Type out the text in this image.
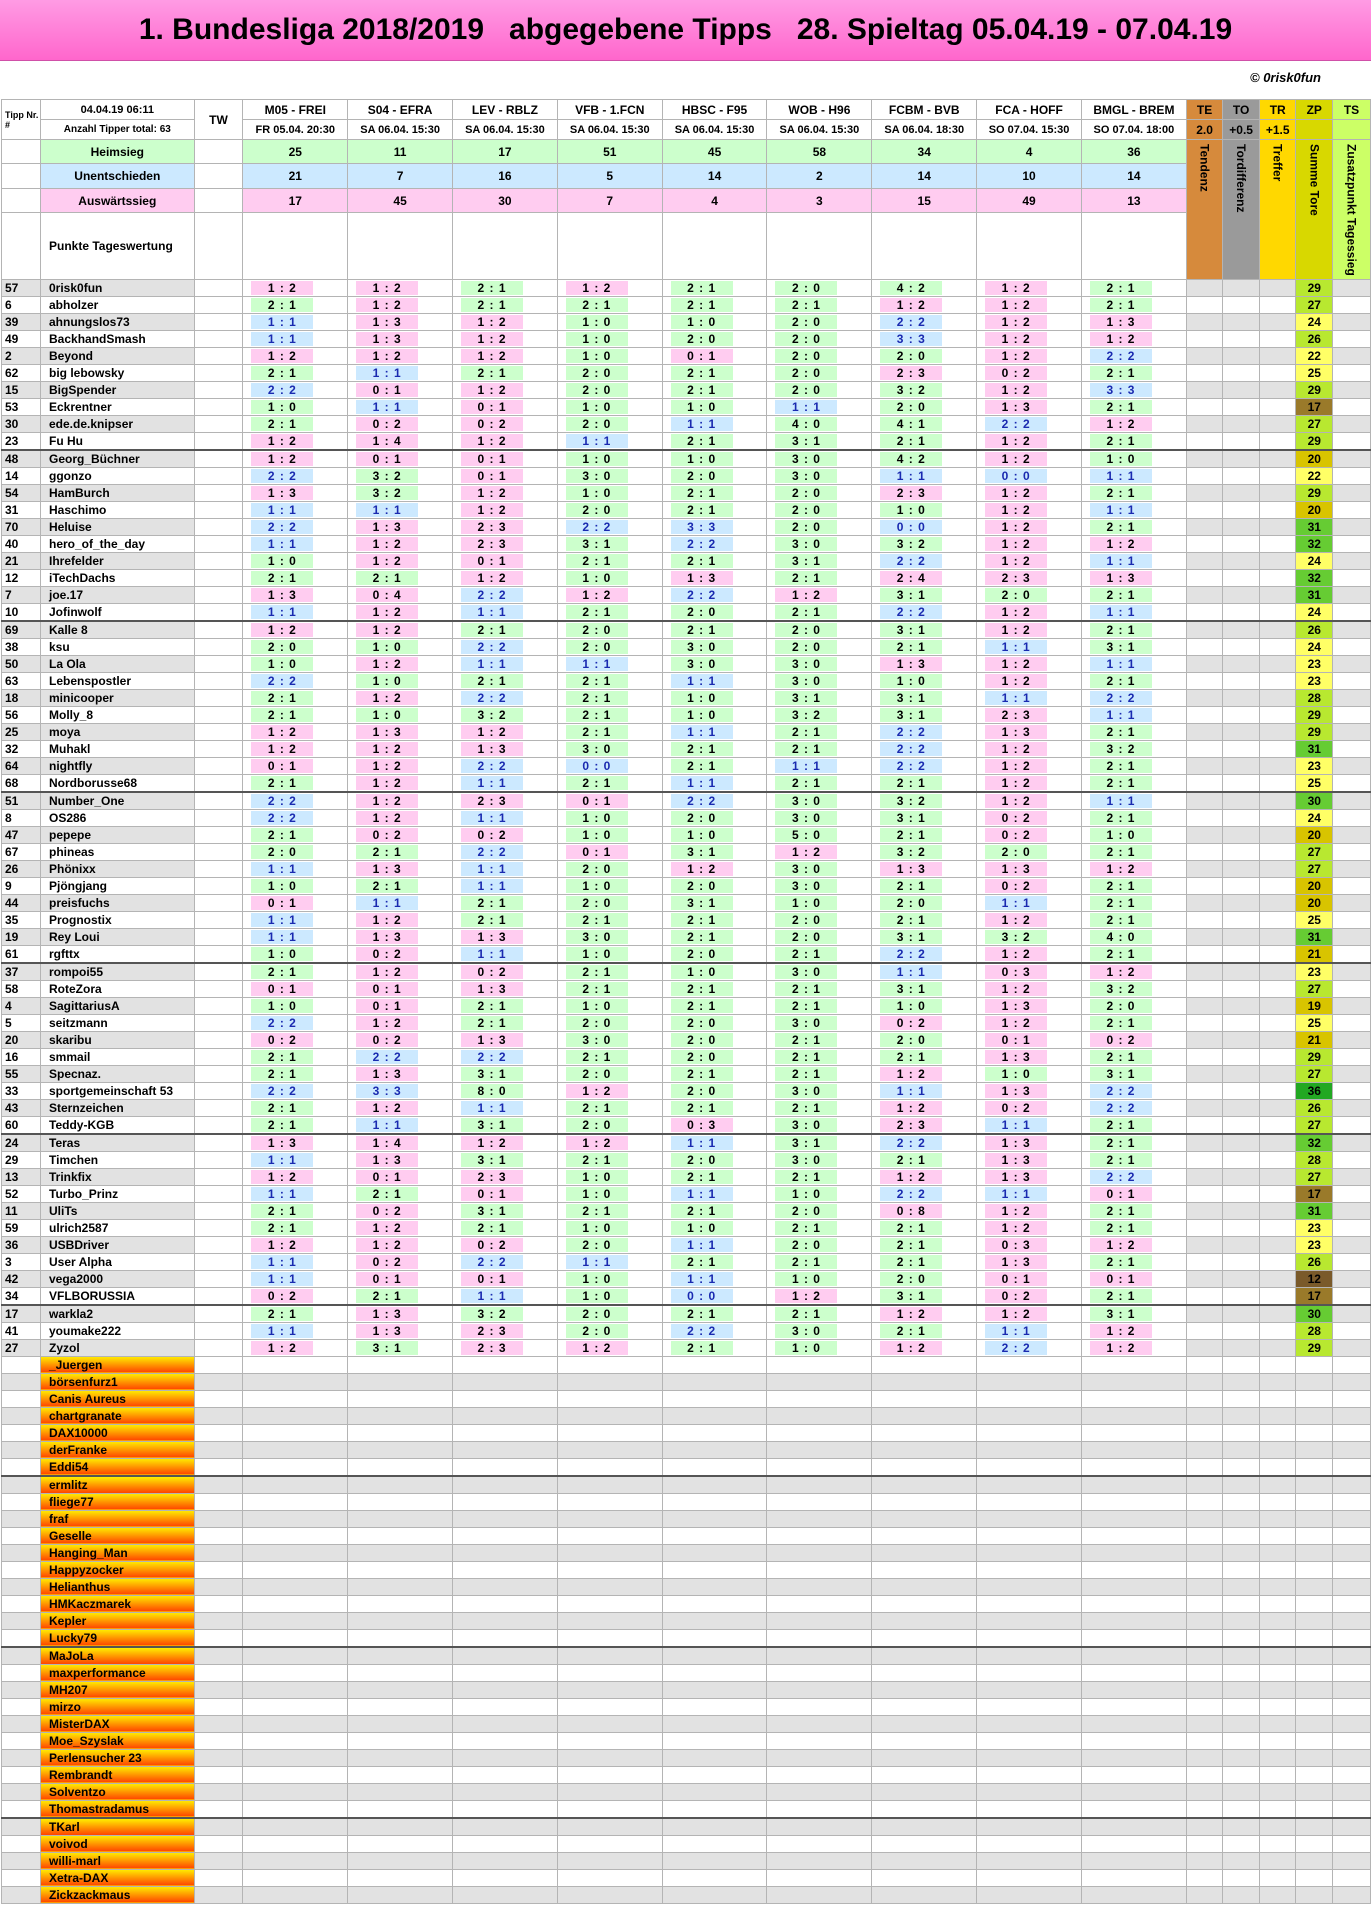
1. Bundesliga 2018/2019   abgegebene Tipps   28. Spieltag 05.04.19 - 07.04.19
© 0risk0fun
Tipp Nr. #	04.04.19 06:11	TW	M05 - FREI	S04 - EFRA	LEV - RBLZ	VFB - 1.FCN	HBSC - F95	WOB - H96	FCBM - BVB	FCA - HOFF	BMGL - BREM	TE	TO	TR	ZP	TS
	Anzahl Tipper total: 63		FR 05.04. 20:30	SA 06.04. 15:30	SA 06.04. 15:30	SA 06.04. 15:30	SA 06.04. 15:30	SA 06.04. 15:30	SA 06.04. 18:30	SO 07.04. 15:30	SO 07.04. 18:00	2.0	+0.5	+1.5		
	Heimsieg		25	11	17	51	45	58	34	4	36	Tendenz	Tordifferenz	Treffer	Summe Tore	Zusatzpunkt Tagessieg
	Unentschieden		21	7	16	5	14	2	14	10	14					
	Auswärtssieg		17	45	30	7	4	3	15	49	13					
	Punkte Tageswertung															
57	0risk0fun		1 : 2	1 : 2	2 : 1	1 : 2	2 : 1	2 : 0	4 : 2	1 : 2	2 : 1				29	
6	abholzer		2 : 1	1 : 2	2 : 1	2 : 1	2 : 1	2 : 1	1 : 2	1 : 2	2 : 1				27	
39	ahnungslos73		1 : 1	1 : 3	1 : 2	1 : 0	1 : 0	2 : 0	2 : 2	1 : 2	1 : 3				24	
49	BackhandSmash		1 : 1	1 : 3	1 : 2	1 : 0	2 : 0	2 : 0	3 : 3	1 : 2	1 : 2				26	
2	Beyond		1 : 2	1 : 2	1 : 2	1 : 0	0 : 1	2 : 0	2 : 0	1 : 2	2 : 2				22	
62	big lebowsky		2 : 1	1 : 1	2 : 1	2 : 0	2 : 1	2 : 0	2 : 3	0 : 2	2 : 1				25	
15	BigSpender		2 : 2	0 : 1	1 : 2	2 : 0	2 : 1	2 : 0	3 : 2	1 : 2	3 : 3				29	
53	Eckrentner		1 : 0	1 : 1	0 : 1	1 : 0	1 : 0	1 : 1	2 : 0	1 : 3	2 : 1				17	
30	ede.de.knipser		2 : 1	0 : 2	0 : 2	2 : 0	1 : 1	4 : 0	4 : 1	2 : 2	1 : 2				27	
23	Fu Hu		1 : 2	1 : 4	1 : 2	1 : 1	2 : 1	3 : 1	2 : 1	1 : 2	2 : 1				29	
48	Georg_Büchner		1 : 2	0 : 1	0 : 1	1 : 0	1 : 0	3 : 0	4 : 2	1 : 2	1 : 0				20	
14	ggonzo		2 : 2	3 : 2	0 : 1	3 : 0	2 : 0	3 : 0	1 : 1	0 : 0	1 : 1				22	
54	HamBurch		1 : 3	3 : 2	1 : 2	1 : 0	2 : 1	2 : 0	2 : 3	1 : 2	2 : 1				29	
31	Haschimo		1 : 1	1 : 1	1 : 2	2 : 0	2 : 1	2 : 0	1 : 0	1 : 2	1 : 1				20	
70	Heluise		2 : 2	1 : 3	2 : 3	2 : 2	3 : 3	2 : 0	0 : 0	1 : 2	2 : 1				31	
40	hero_of_the_day		1 : 1	1 : 2	2 : 3	3 : 1	2 : 2	3 : 0	3 : 2	1 : 2	1 : 2				32	
21	Ihrefelder		1 : 0	1 : 2	0 : 1	2 : 1	2 : 1	3 : 1	2 : 2	1 : 2	1 : 1				24	
12	iTechDachs		2 : 1	2 : 1	1 : 2	1 : 0	1 : 3	2 : 1	2 : 4	2 : 3	1 : 3				32	
7	joe.17		1 : 3	0 : 4	2 : 2	1 : 2	2 : 2	1 : 2	3 : 1	2 : 0	2 : 1				31	
10	Jofinwolf		1 : 1	1 : 2	1 : 1	2 : 1	2 : 0	2 : 1	2 : 2	1 : 2	1 : 1				24	
69	Kalle 8		1 : 2	1 : 2	2 : 1	2 : 0	2 : 1	2 : 0	3 : 1	1 : 2	2 : 1				26	
38	ksu		2 : 0	1 : 0	2 : 2	2 : 0	3 : 0	2 : 0	2 : 1	1 : 1	3 : 1				24	
50	La Ola		1 : 0	1 : 2	1 : 1	1 : 1	3 : 0	3 : 0	1 : 3	1 : 2	1 : 1				23	
63	Lebenspostler		2 : 2	1 : 0	2 : 1	2 : 1	1 : 1	3 : 0	1 : 0	1 : 2	2 : 1				23	
18	minicooper		2 : 1	1 : 2	2 : 2	2 : 1	1 : 0	3 : 1	3 : 1	1 : 1	2 : 2				28	
56	Molly_8		2 : 1	1 : 0	3 : 2	2 : 1	1 : 0	3 : 2	3 : 1	2 : 3	1 : 1				29	
25	moya		1 : 2	1 : 3	1 : 2	2 : 1	1 : 1	2 : 1	2 : 2	1 : 3	2 : 1				29	
32	Muhakl		1 : 2	1 : 2	1 : 3	3 : 0	2 : 1	2 : 1	2 : 2	1 : 2	3 : 2				31	
64	nightfly		0 : 1	1 : 2	2 : 2	0 : 0	2 : 1	1 : 1	2 : 2	1 : 2	2 : 1				23	
68	Nordborusse68		2 : 1	1 : 2	1 : 1	2 : 1	1 : 1	2 : 1	2 : 1	1 : 2	2 : 1				25	
51	Number_One		2 : 2	1 : 2	2 : 3	0 : 1	2 : 2	3 : 0	3 : 2	1 : 2	1 : 1				30	
8	OS286		2 : 2	1 : 2	1 : 1	1 : 0	2 : 0	3 : 0	3 : 1	0 : 2	2 : 1				24	
47	pepepe		2 : 1	0 : 2	0 : 2	1 : 0	1 : 0	5 : 0	2 : 1	0 : 2	1 : 0				20	
67	phineas		2 : 0	2 : 1	2 : 2	0 : 1	3 : 1	1 : 2	3 : 2	2 : 0	2 : 1				27	
26	Phönixx		1 : 1	1 : 3	1 : 1	2 : 0	1 : 2	3 : 0	1 : 3	1 : 3	1 : 2				27	
9	Pjöngjang		1 : 0	2 : 1	1 : 1	1 : 0	2 : 0	3 : 0	2 : 1	0 : 2	2 : 1				20	
44	preisfuchs		0 : 1	1 : 1	2 : 1	2 : 0	3 : 1	1 : 0	2 : 0	1 : 1	2 : 1				20	
35	Prognostix		1 : 1	1 : 2	2 : 1	2 : 1	2 : 1	2 : 0	2 : 1	1 : 2	2 : 1				25	
19	Rey Loui		1 : 1	1 : 3	1 : 3	3 : 0	2 : 1	2 : 0	3 : 1	3 : 2	4 : 0				31	
61	rgfttx		1 : 0	0 : 2	1 : 1	1 : 0	2 : 0	2 : 1	2 : 2	1 : 2	2 : 1				21	
37	rompoi55		2 : 1	1 : 2	0 : 2	2 : 1	1 : 0	3 : 0	1 : 1	0 : 3	1 : 2				23	
58	RoteZora		0 : 1	0 : 1	1 : 3	2 : 1	2 : 1	2 : 1	3 : 1	1 : 2	3 : 2				27	
4	SagittariusA		1 : 0	0 : 1	2 : 1	1 : 0	2 : 1	2 : 1	1 : 0	1 : 3	2 : 0				19	
5	seitzmann		2 : 2	1 : 2	2 : 1	2 : 0	2 : 0	3 : 0	0 : 2	1 : 2	2 : 1				25	
20	skaribu		0 : 2	0 : 2	1 : 3	3 : 0	2 : 0	2 : 1	2 : 0	0 : 1	0 : 2				21	
16	smmail		2 : 1	2 : 2	2 : 2	2 : 1	2 : 0	2 : 1	2 : 1	1 : 3	2 : 1				29	
55	Specnaz.		2 : 1	1 : 3	3 : 1	2 : 0	2 : 1	2 : 1	1 : 2	1 : 0	3 : 1				27	
33	sportgemeinschaft 53		2 : 2	3 : 3	8 : 0	1 : 2	2 : 0	3 : 0	1 : 1	1 : 3	2 : 2				36	
43	Sternzeichen		2 : 1	1 : 2	1 : 1	2 : 1	2 : 1	2 : 1	1 : 2	0 : 2	2 : 2				26	
60	Teddy-KGB		2 : 1	1 : 1	3 : 1	2 : 0	0 : 3	3 : 0	2 : 3	1 : 1	2 : 1				27	
24	Teras		1 : 3	1 : 4	1 : 2	1 : 2	1 : 1	3 : 1	2 : 2	1 : 3	2 : 1				32	
29	Timchen		1 : 1	1 : 3	3 : 1	2 : 1	2 : 0	3 : 0	2 : 1	1 : 3	2 : 1				28	
13	Trinkfix		1 : 2	0 : 1	2 : 3	1 : 0	2 : 1	2 : 1	1 : 2	1 : 3	2 : 2				27	
52	Turbo_Prinz		1 : 1	2 : 1	0 : 1	1 : 0	1 : 1	1 : 0	2 : 2	1 : 1	0 : 1				17	
11	UliTs		2 : 1	0 : 2	3 : 1	2 : 1	2 : 1	2 : 0	0 : 8	1 : 2	2 : 1				31	
59	ulrich2587		2 : 1	1 : 2	2 : 1	1 : 0	1 : 0	2 : 1	2 : 1	1 : 2	2 : 1				23	
36	USBDriver		1 : 2	1 : 2	0 : 2	2 : 0	1 : 1	2 : 0	2 : 1	0 : 3	1 : 2				23	
3	User Alpha		1 : 1	0 : 2	2 : 2	1 : 1	2 : 1	2 : 1	2 : 1	1 : 3	2 : 1				26	
42	vega2000		1 : 1	0 : 1	0 : 1	1 : 0	1 : 1	1 : 0	2 : 0	0 : 1	0 : 1				12	
34	VFLBORUSSIA		0 : 2	2 : 1	1 : 1	1 : 0	0 : 0	1 : 2	3 : 1	0 : 2	2 : 1				17	
17	warkla2		2 : 1	1 : 3	3 : 2	2 : 0	2 : 1	2 : 1	1 : 2	1 : 2	3 : 1				30	
41	youmake222		1 : 1	1 : 3	2 : 3	2 : 0	2 : 2	3 : 0	2 : 1	1 : 1	1 : 2				28	
27	Zyzol		1 : 2	3 : 1	2 : 3	1 : 2	2 : 1	1 : 0	1 : 2	2 : 2	1 : 2				29	
	_Juergen															
	börsenfurz1															
	Canis Aureus															
	chartgranate															
	DAX10000															
	derFranke															
	Eddi54															
	ermlitz															
	fliege77															
	fraf															
	Geselle															
	Hanging_Man															
	Happyzocker															
	Helianthus															
	HMKaczmarek															
	Kepler															
	Lucky79															
	MaJoLa															
	maxperformance															
	MH207															
	mirzo															
	MisterDAX															
	Moe_Szyslak															
	Perlensucher 23															
	Rembrandt															
	Solventzo															
	Thomastradamus															
	TKarl															
	voivod															
	willi-marl															
	Xetra-DAX															
	Zickzackmaus															
